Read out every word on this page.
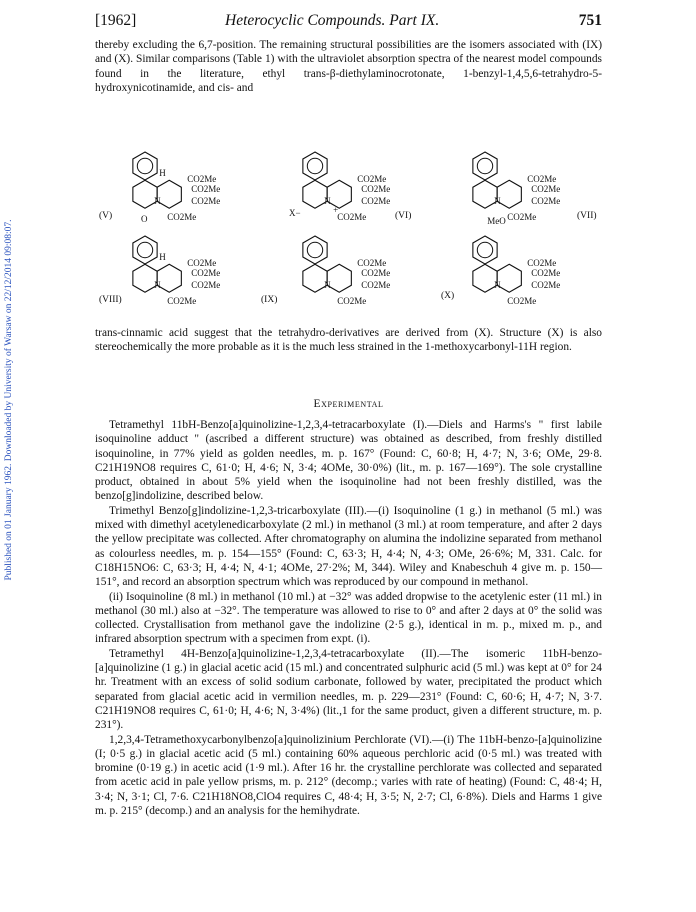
Published on 01 January 1962. Downloaded by University of Warsaw on 22/12/2014 09:08:07.
[1962]	Heterocyclic Compounds. Part IX.	751

thereby excluding the 6,7-position. The remaining structural possibilities are the isomers associated with (IX) and (X). Similar comparisons (Table 1) with the ultraviolet absorption spectra of the nearest model compounds found in the literature, ethyl trans-β-diethylaminocrotonate, 1-benzyl-1,4,5,6-tetrahydro-5-hydroxynicotinamide, and cis- and

N
CO2Me
CO2Me
CO2Me
CO2Me
H
O
(V)
N
CO2Me
CO2Me
CO2Me
CO2Me
X−	+
(VI)
N
CO2Me
CO2Me
CO2Me
CO2Me
MeO	(VII)
N
CO2Me
CO2Me
CO2Me
CO2Me
H
(VIII)
N
CO2Me
CO2Me
CO2Me
CO2Me
(IX)
N
CO2Me
CO2Me
CO2Me
CO2Me
(X)

trans-cinnamic acid suggest that the tetrahydro-derivatives are derived from (X). Structure (X) is also stereochemically the more probable as it is the much less strained in the 1-methoxycarbonyl-11H region.

Experimental

Tetramethyl 11bH-Benzo[a]quinolizine-1,2,3,4-tetracarboxylate (I).—Diels and Harms's " first labile isoquinoline adduct " (ascribed a different structure) was obtained as described, from freshly distilled isoquinoline, in 77% yield as golden needles, m. p. 167° (Found: C, 60·8; H, 4·7; N, 3·6; OMe, 29·8. C21H19NO8 requires C, 61·0; H, 4·6; N, 3·4; 4OMe, 30·0%) (lit., m. p. 167—169°). The sole crystalline product, obtained in about 5% yield when the isoquinoline had not been freshly distilled, was the benzo[g]indolizine, described below.

Trimethyl Benzo[g]indolizine-1,2,3-tricarboxylate (III).—(i) Isoquinoline (1 g.) in methanol (5 ml.) was mixed with dimethyl acetylenedicarboxylate (2 ml.) in methanol (3 ml.) at room temperature, and after 2 days the yellow precipitate was collected. After chromatography on alumina the indolizine separated from methanol as colourless needles, m. p. 154—155° (Found: C, 63·3; H, 4·4; N, 4·3; OMe, 26·6%; M, 331. Calc. for C18H15NO6: C, 63·3; H, 4·4; N, 4·1; 4OMe, 27·2%; M, 344). Wiley and Knabeschuh 4 give m. p. 150—151°, and record an absorption spectrum which was reproduced by our compound in methanol.

(ii) Isoquinoline (8 ml.) in methanol (10 ml.) at −32° was added dropwise to the acetylenic ester (11 ml.) in methanol (30 ml.) also at −32°. The temperature was allowed to rise to 0° and after 2 days at 0° the solid was collected. Crystallisation from methanol gave the indolizine (2·5 g.), identical in m. p., mixed m. p., and infrared absorption spectrum with a specimen from expt. (i).

Tetramethyl 4H-Benzo[a]quinolizine-1,2,3,4-tetracarboxylate (II).—The isomeric 11bH-benzo-[a]quinolizine (1 g.) in glacial acetic acid (15 ml.) and concentrated sulphuric acid (5 ml.) was kept at 0° for 24 hr. Treatment with an excess of solid sodium carbonate, followed by water, precipitated the product which separated from glacial acetic acid in vermilion needles, m. p. 229—231° (Found: C, 60·6; H, 4·7; N, 3·7. C21H19NO8 requires C, 61·0; H, 4·6; N, 3·4%) (lit.,1 for the same product, given a different structure, m. p. 231°).

1,2,3,4-Tetramethoxycarbonylbenzo[a]quinolizinium Perchlorate (VI).—(i) The 11bH-benzo-[a]quinolizine (I; 0·5 g.) in glacial acetic acid (5 ml.) containing 60% aqueous perchloric acid (0·5 ml.) was treated with bromine (0·19 g.) in acetic acid (1·9 ml.). After 16 hr. the crystalline perchlorate was collected and separated from acetic acid in pale yellow prisms, m. p. 212° (decomp.; varies with rate of heating) (Found: C, 48·4; H, 3·4; N, 3·1; Cl, 7·6. C21H18NO8,ClO4 requires C, 48·4; H, 3·5; N, 2·7; Cl, 6·8%). Diels and Harms 1 give m. p. 215° (decomp.) and an analysis for the hemihydrate.
